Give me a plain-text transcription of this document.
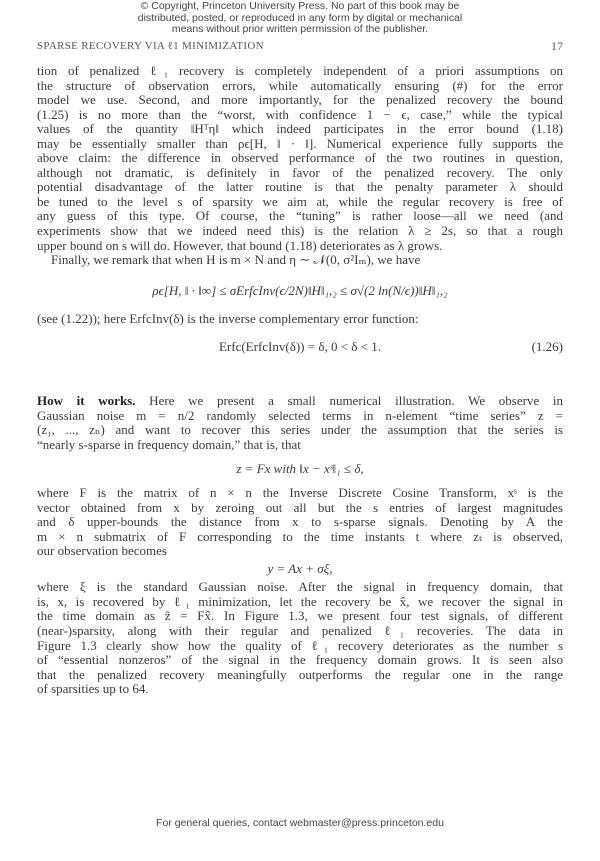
© Copyright, Princeton University Press. No part of this book may be
distributed, posted, or reproduced in any form by digital or mechanical
means without prior written permission of the publisher.
SPARSE RECOVERY VIA ℓ1 MINIMIZATION	17
tion of penalized ℓ₁ recovery is completely independent of a priori assumptions on
the structure of observation errors, while automatically ensuring (#) for the error
model we use. Second, and more importantly, for the penalized recovery the bound
(1.25) is no more than the “worst, with confidence 1 − ϵ, case,” while the typical
values of the quantity ‖Hᵀη‖ which indeed participates in the error bound (1.18)
may be essentially smaller than ρϵ[H, ‖ · ‖]. Numerical experience fully supports the
above claim: the difference in observed performance of the two routines in question,
although not dramatic, is definitely in favor of the penalized recovery. The only
potential disadvantage of the latter routine is that the penalty parameter λ should
be tuned to the level s of sparsity we aim at, while the regular recovery is free of
any guess of this type. Of course, the “tuning” is rather loose—all we need (and
experiments show that we indeed need this) is the relation λ ≥ 2s, so that a rough
upper bound on s will do. However, that bound (1.18) deteriorates as λ grows.
Finally, we remark that when H is m × N and η ∼ 𝒩(0, σ²Iₘ), we have
ρϵ[H, ‖ · ‖∞] ≤ σErfcInv(ϵ/2N)‖H‖₁,₂ ≤ σ√(2 ln(N/ϵ))‖H‖₁,₂
(see (1.22)); here ErfcInv(δ) is the inverse complementary error function:
Erfc(ErfcInv(δ)) = δ, 0 < δ < 1.	(1.26)
How it works. Here we present a small numerical illustration. We observe in
Gaussian noise m = n/2 randomly selected terms in n-element “time series” z =
(z₁, ..., zₙ) and want to recover this series under the assumption that the series is
“nearly s-sparse in frequency domain,” that is, that
z = Fx with ‖x − xˢ‖₁ ≤ δ,
where F is the matrix of n × n the Inverse Discrete Cosine Transform, xˢ is the
vector obtained from x by zeroing out all but the s entries of largest magnitudes
and δ upper-bounds the distance from x to s-sparse signals. Denoting by A the
m × n submatrix of F corresponding to the time instants t where zₜ is observed,
our observation becomes
y = Ax + σξ,
where ξ is the standard Gaussian noise. After the signal in frequency domain, that
is, x, is recovered by ℓ₁ minimization, let the recovery be x̂, we recover the signal in
the time domain as ẑ = Fx̂. In Figure 1.3, we present four test signals, of different
(near-)sparsity, along with their regular and penalized ℓ₁ recoveries. The data in
Figure 1.3 clearly show how the quality of ℓ₁ recovery deteriorates as the number s
of “essential nonzeros” of the signal in the frequency domain grows. It is seen also
that the penalized recovery meaningfully outperforms the regular one in the range
of sparsities up to 64.
For general queries, contact webmaster@press.princeton.edu
